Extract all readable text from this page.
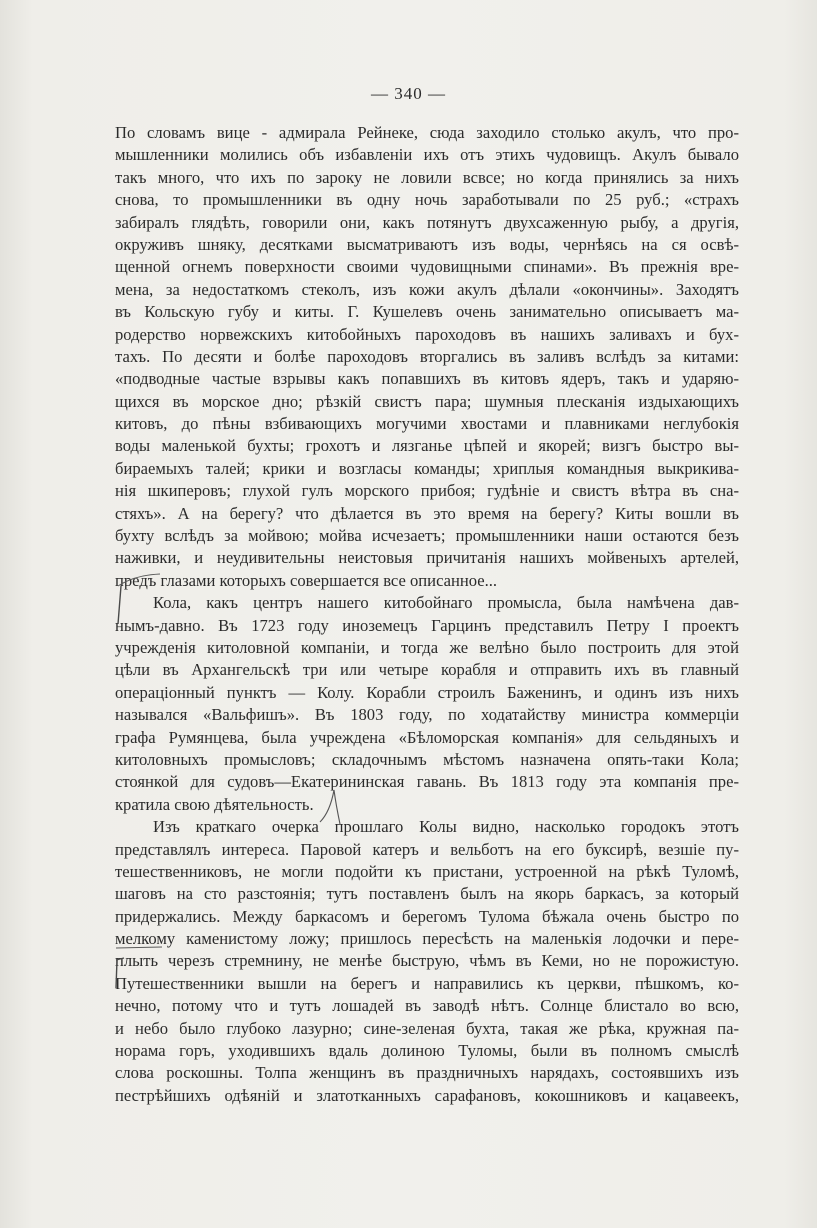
— 340 —
По словамъ вице - адмирала Рейнеке, сюда заходило столько акулъ, что про-
мышленники молились объ избавленіи ихъ отъ этихъ чудовищъ. Акулъ бывало
такъ много, что ихъ по зароку не ловили всвсе; но когда принялись за нихъ
снова, то промышленники въ одну ночь заработывали по 25 руб.; «страхъ
забиралъ глядѣть, говорили они, какъ потянутъ двухсаженную рыбу, а другія,
окруживъ шняку, десятками высматриваютъ изъ воды, чернѣясь на ся освѣ-
щенной огнемъ поверхности своими чудовищными спинами». Въ прежнія вре-
мена, за недостаткомъ стеколъ, изъ кожи акулъ дѣлали «окончины». Заходятъ
въ Кольскую губу и киты. Г. Кушелевъ очень занимательно описываетъ ма-
родерство норвежскихъ китобойныхъ пароходовъ въ нашихъ заливахъ и бух-
тахъ. По десяти и болѣе пароходовъ вторгались въ заливъ вслѣдъ за китами:
«подводные частые взрывы какъ попавшихъ въ китовъ ядеръ, такъ и ударяю-
щихся въ морское дно; рѣзкій свистъ пара; шумныя плесканія издыхающихъ
китовъ, до пѣны взбивающихъ могучими хвостами и плавниками неглубокія
воды маленькой бухты; грохотъ и лязганье цѣпей и якорей; визгъ быстро вы-
бираемыхъ талей; крики и возгласы команды; хриплыя командныя выкрикива-
нія шкиперовъ; глухой гулъ морского прибоя; гудѣніе и свистъ вѣтра въ сна-
стяхъ». А на берегу? что дѣлается въ это время на берегу? Киты вошли въ
бухту вслѣдъ за мойвою; мойва исчезаетъ; промышленники наши остаются безъ
наживки, и неудивительны неистовыя причитанія нашихъ мойвеныхъ артелей,
предъ глазами которыхъ совершается все описанное...
Кола, какъ центръ нашего китобойнаго промысла, была намѣчена дав-
нымъ-давно. Въ 1723 году иноземецъ Гарцинъ представилъ Петру I проектъ
учрежденія китоловной компаніи, и тогда же велѣно было построить для этой
цѣли въ Архангельскѣ три или четыре корабля и отправить ихъ въ главный
операціонный пунктъ — Колу. Корабли строилъ Баженинъ, и одинъ изъ нихъ
назывался «Вальфишъ». Въ 1803 году, по ходатайству министра коммерціи
графа Румянцева, была учреждена «Бѣломорская компанія» для сельдяныхъ и
китоловныхъ промысловъ; складочнымъ мѣстомъ назначена опять-таки Кола;
стоянкой для судовъ—Екатерининская гавань. Въ 1813 году эта компанія пре-
кратила свою дѣятельность.
Изъ краткаго очерка прошлаго Колы видно, насколько городокъ этотъ
представлялъ интереса. Паровой катеръ и вельботъ на его буксирѣ, везшіе пу-
тешественниковъ, не могли подойти къ пристани, устроенной на рѣкѣ Туломѣ,
шаговъ на сто разстоянія; тутъ поставленъ былъ на якорь баркасъ, за который
придержались. Между баркасомъ и берегомъ Тулома бѣжала очень быстро по
мелкому каменистому ложу; пришлось пересѣсть на маленькія лодочки и пере-
плыть черезъ стремнину, не менѣе быструю, чѣмъ въ Кеми, но не порожистую.
Путешественники вышли на берегъ и направились къ церкви, пѣшкомъ, ко-
нечно, потому что и тутъ лошадей въ заводѣ нѣтъ. Солнце блистало во всю,
и небо было глубоко лазурно; сине-зеленая бухта, такая же рѣка, кружная па-
норама горъ, уходившихъ вдаль долиною Туломы, были въ полномъ смыслѣ
слова роскошны. Толпа женщинъ въ праздничныхъ нарядахъ, состоявшихъ изъ
пестрѣйшихъ одѣяній и златотканныхъ сарафановъ, кокошниковъ и кацавеекъ,
